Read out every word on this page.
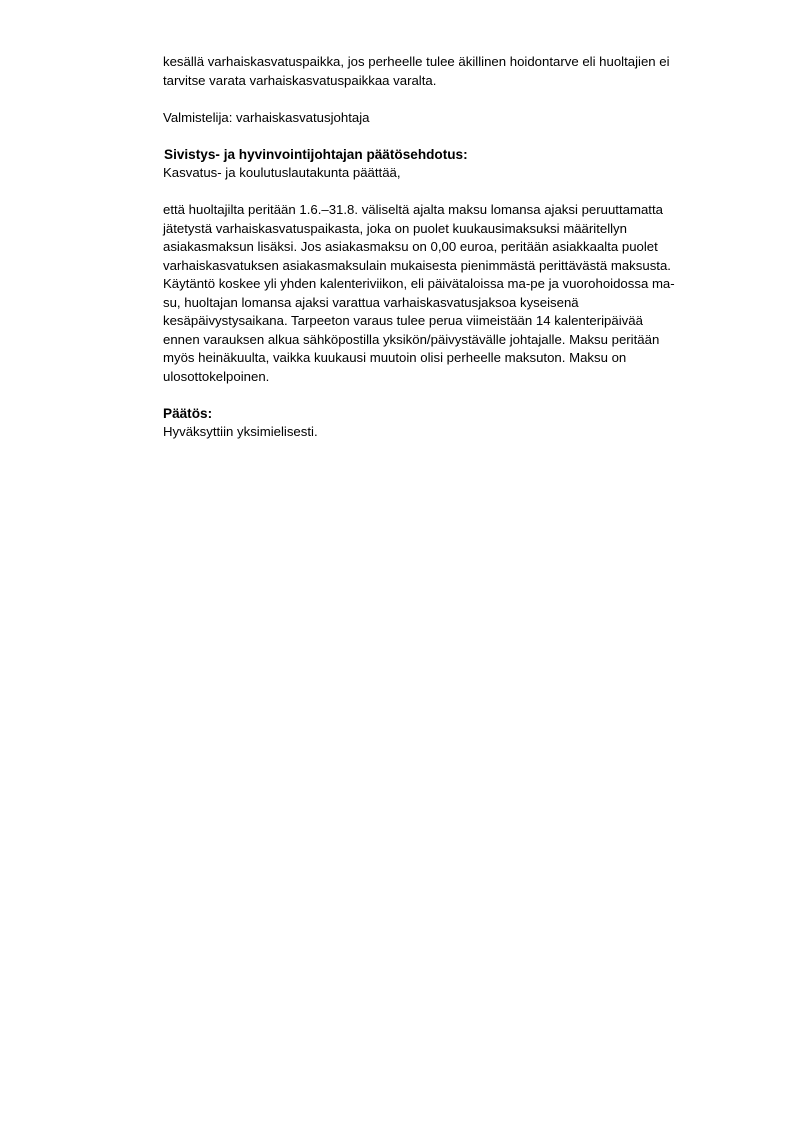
kesällä varhaiskasvatuspaikka, jos perheelle tulee äkillinen hoidontarve eli huoltajien ei
tarvitse varata varhaiskasvatuspaikkaa varalta.
Valmistelija: varhaiskasvatusjohtaja
Sivistys- ja hyvinvointijohtajan päätösehdotus:
Kasvatus- ja koulutuslautakunta päättää,
että huoltajilta peritään 1.6.–31.8. väliseltä ajalta maksu lomansa ajaksi peruuttamatta
jätetystä varhaiskasvatuspaikasta, joka on puolet kuukausimaksuksi määritellyn
asiakasmaksun lisäksi. Jos asiakasmaksu on 0,00 euroa, peritään asiakkaalta puolet
varhaiskasvatuksen asiakasmaksulain mukaisesta pienimmästä perittävästä maksusta.
Käytäntö koskee yli yhden kalenteriviikon, eli päivätaloissa ma-pe ja vuorohoidossa ma-
su, huoltajan lomansa ajaksi varattua varhaiskasvatusjaksoa kyseisenä
kesäpäivystysaikana. Tarpeeton varaus tulee perua viimeistään 14 kalenteripäivää
ennen varauksen alkua sähköpostilla yksikön/päivystävälle johtajalle. Maksu peritään
myös heinäkuulta, vaikka kuukausi muutoin olisi perheelle maksuton. Maksu on
ulosottokelpoinen.
Päätös:
Hyväksyttiin yksimielisesti.
